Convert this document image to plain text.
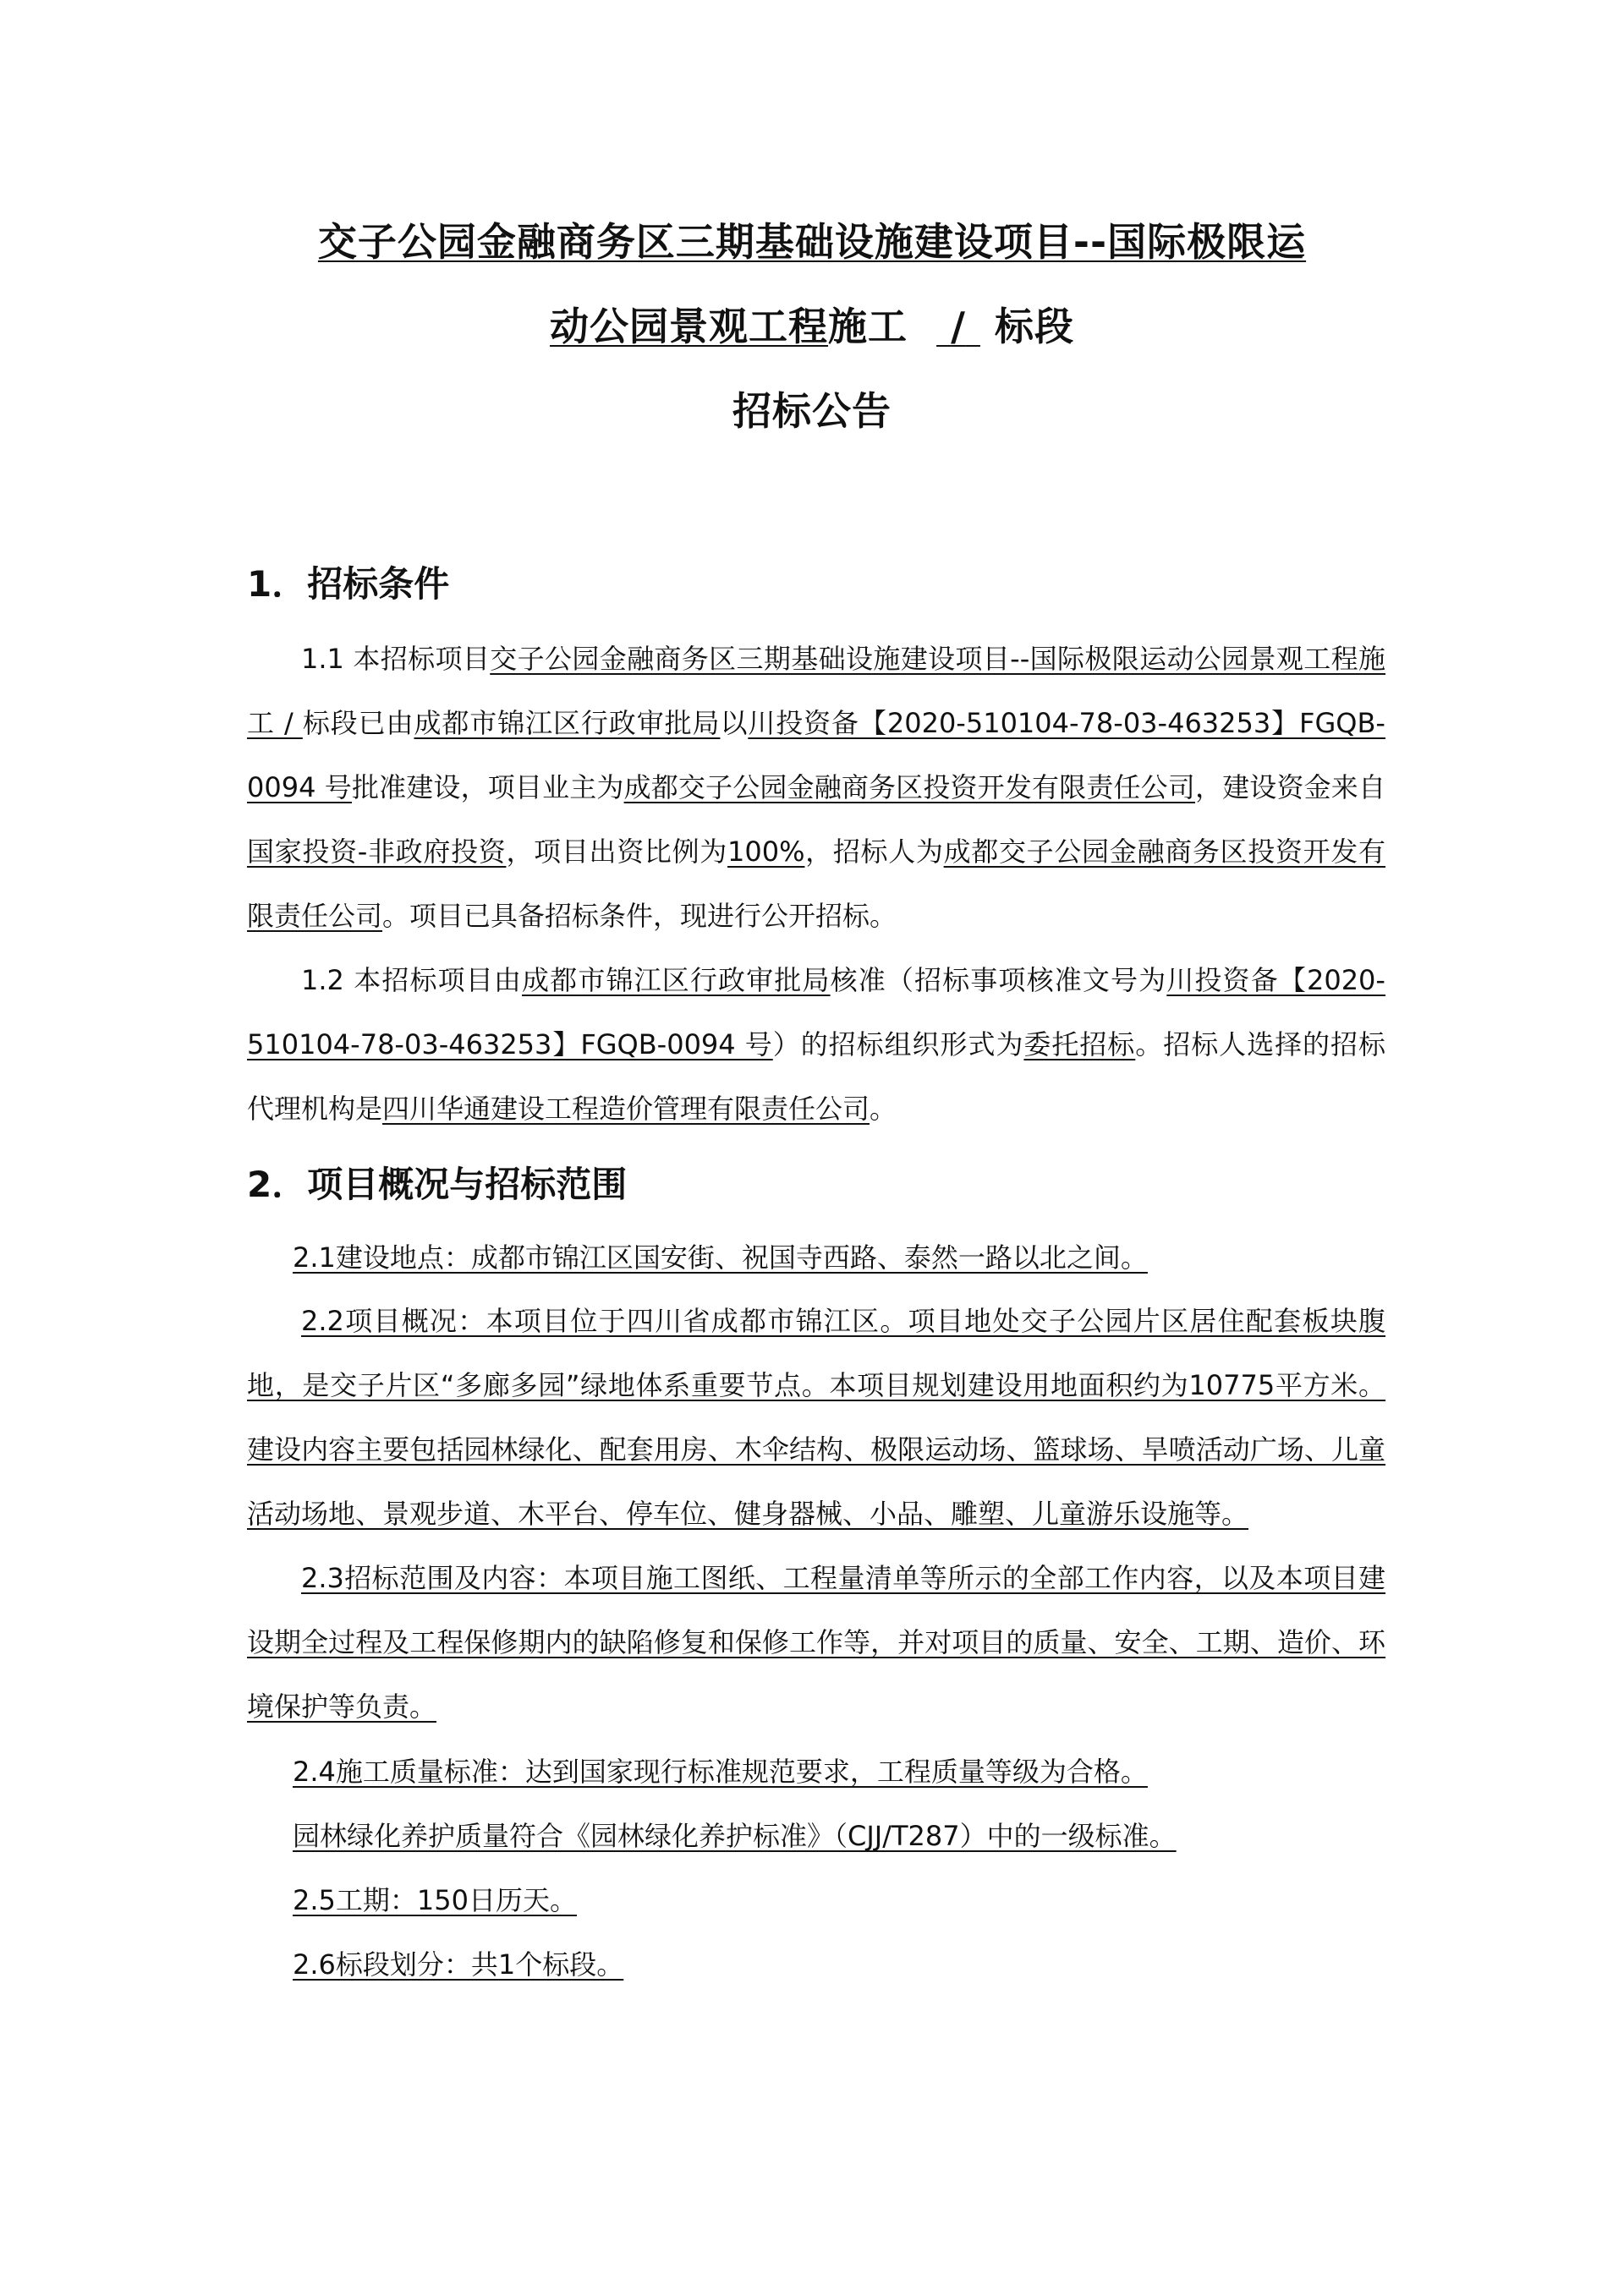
交子公园金融商务区三期基础设施建设项目--国际极限运
动公园景观工程施工 / 标段
招标公告
1．招标条件
1.1 本招标项目交子公园金融商务区三期基础设施建设项目--国际极限运动公园景观工程施工 / 标段已由成都市锦江区行政审批局以川投资备【2020-510104-78-03-463253】FGQB-0094 号批准建设，项目业主为成都交子公园金融商务区投资开发有限责任公司，建设资金来自国家投资-非政府投资，项目出资比例为100%，招标人为成都交子公园金融商务区投资开发有限责任公司。项目已具备招标条件，现进行公开招标。
1.2 本招标项目由成都市锦江区行政审批局核准（招标事项核准文号为川投资备【2020-510104-78-03-463253】FGQB-0094 号）的招标组织形式为委托招标。招标人选择的招标代理机构是四川华通建设工程造价管理有限责任公司。
2．项目概况与招标范围
2.1建设地点：成都市锦江区国安街、祝国寺西路、泰然一路以北之间。
2.2项目概况：本项目位于四川省成都市锦江区。项目地处交子公园片区居住配套板块腹地，是交子片区“多廊多园”绿地体系重要节点。本项目规划建设用地面积约为10775平方米。建设内容主要包括园林绿化、配套用房、木伞结构、极限运动场、篮球场、旱喷活动广场、儿童活动场地、景观步道、木平台、停车位、健身器械、小品、雕塑、儿童游乐设施等。
2.3招标范围及内容：本项目施工图纸、工程量清单等所示的全部工作内容，以及本项目建设期全过程及工程保修期内的缺陷修复和保修工作等，并对项目的质量、安全、工期、造价、环境保护等负责。
2.4施工质量标准：达到国家现行标准规范要求，工程质量等级为合格。
园林绿化养护质量符合《园林绿化养护标准》（CJJ/T287）中的一级标准。
2.5工期：150日历天。
2.6标段划分：共1个标段。
